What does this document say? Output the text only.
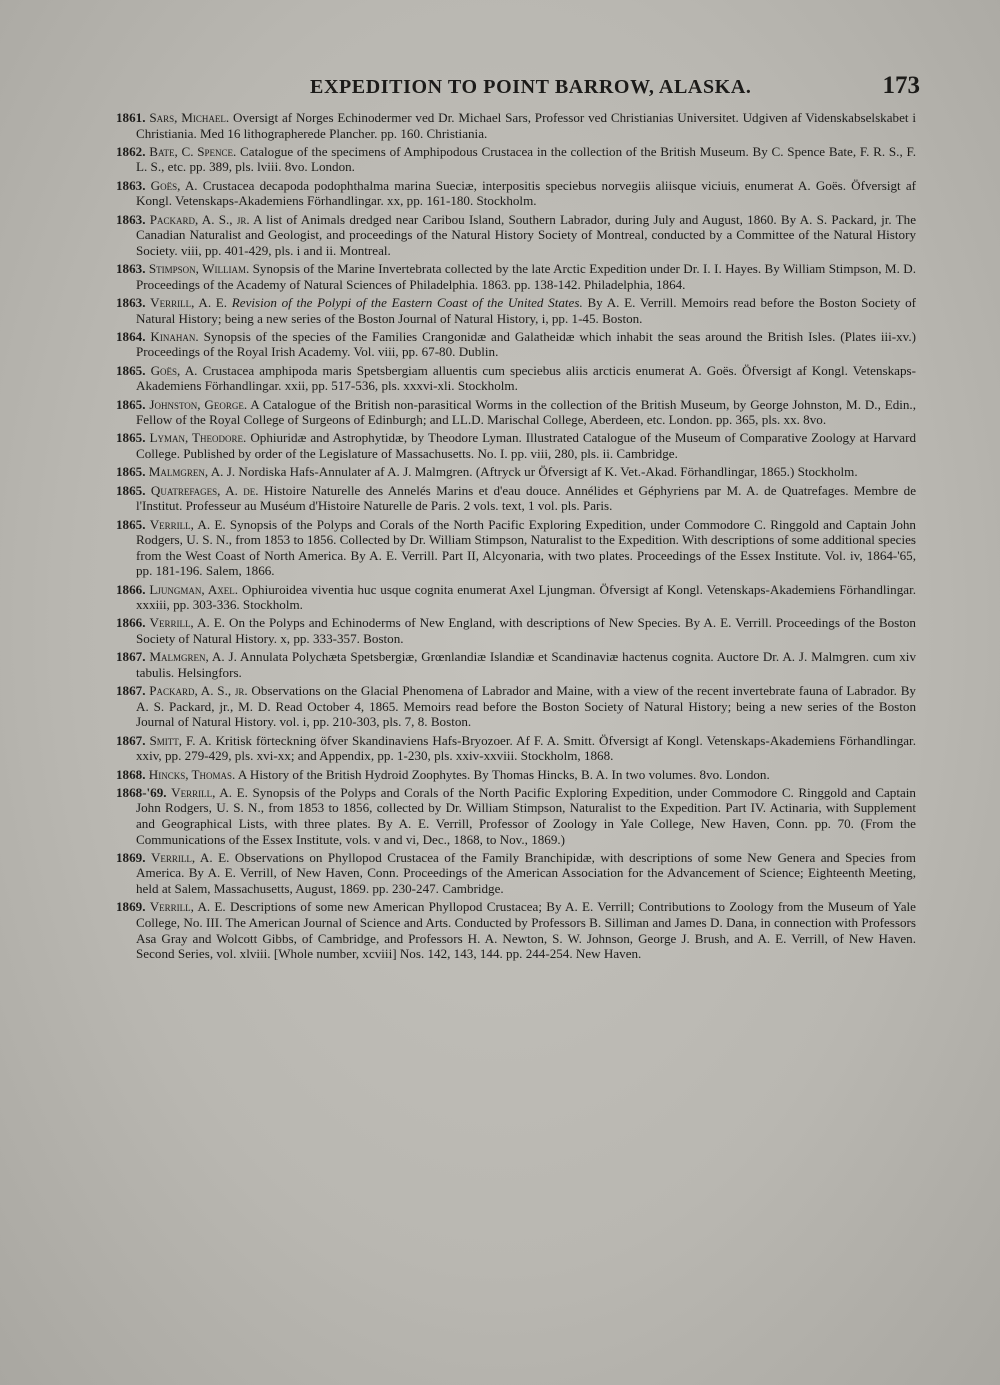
EXPEDITION TO POINT BARROW, ALASKA.	173

1861. Sars, Michael. Oversigt af Norges Echinodermer ved Dr. Michael Sars, Professor ved Christianias Universitet. Udgiven af Videnskabselskabet i Christiania. Med 16 lithographerede Plancher. pp. 160. Christiania.

1862. Bate, C. Spence. Catalogue of the specimens of Amphipodous Crustacea in the collection of the British Museum. By C. Spence Bate, F. R. S., F. L. S., etc. pp. 389, pls. lviii. 8vo. London.

1863. Goës, A. Crustacea decapoda podophthalma marina Sueciæ, interpositis speciebus norvegiis aliisque viciuis, enumerat A. Goës. Öfversigt af Kongl. Vetenskaps-Akademiens Förhandlingar. xx, pp. 161-180. Stockholm.

1863. Packard, A. S., jr. A list of Animals dredged near Caribou Island, Southern Labrador, during July and August, 1860. By A. S. Packard, jr. The Canadian Naturalist and Geologist, and proceedings of the Natural History Society of Montreal, conducted by a Committee of the Natural History Society. viii, pp. 401-429, pls. i and ii. Montreal.

1863. Stimpson, William. Synopsis of the Marine Invertebrata collected by the late Arctic Expedition under Dr. I. I. Hayes. By William Stimpson, M. D. Proceedings of the Academy of Natural Sciences of Philadelphia. 1863. pp. 138-142. Philadelphia, 1864.

1863. Verrill, A. E. Revision of the Polypi of the Eastern Coast of the United States. By A. E. Verrill. Memoirs read before the Boston Society of Natural History; being a new series of the Boston Journal of Natural History, i, pp. 1-45. Boston.

1864. Kinahan. Synopsis of the species of the Families Crangonidæ and Galatheidæ which inhabit the seas around the British Isles. (Plates iii-xv.) Proceedings of the Royal Irish Academy. Vol. viii, pp. 67-80. Dublin.

1865. Goës, A. Crustacea amphipoda maris Spetsbergiam alluentis cum speciebus aliis arcticis enumerat A. Goës. Öfversigt af Kongl. Vetenskaps-Akademiens Förhandlingar. xxii, pp. 517-536, pls. xxxvi-xli. Stockholm.

1865. Johnston, George. A Catalogue of the British non-parasitical Worms in the collection of the British Museum, by George Johnston, M. D., Edin., Fellow of the Royal College of Surgeons of Edinburgh; and LL.D. Marischal College, Aberdeen, etc. London. pp. 365, pls. xx. 8vo.

1865. Lyman, Theodore. Ophiuridæ and Astrophytidæ, by Theodore Lyman. Illustrated Catalogue of the Museum of Comparative Zoology at Harvard College. Published by order of the Legislature of Massachusetts. No. I. pp. viii, 280, pls. ii. Cambridge.

1865. Malmgren, A. J. Nordiska Hafs-Annulater af A. J. Malmgren. (Aftryck ur Öfversigt af K. Vet.-Akad. Förhandlingar, 1865.) Stockholm.

1865. Quatrefages, A. de. Histoire Naturelle des Annelés Marins et d'eau douce. Annélides et Géphyriens par M. A. de Quatrefages. Membre de l'Institut. Professeur au Muséum d'Histoire Naturelle de Paris. 2 vols. text, 1 vol. pls. Paris.

1865. Verrill, A. E. Synopsis of the Polyps and Corals of the North Pacific Exploring Expedition, under Commodore C. Ringgold and Captain John Rodgers, U. S. N., from 1853 to 1856. Collected by Dr. William Stimpson, Naturalist to the Expedition. With descriptions of some additional species from the West Coast of North America. By A. E. Verrill. Part II, Alcyonaria, with two plates. Proceedings of the Essex Institute. Vol. iv, 1864-'65, pp. 181-196. Salem, 1866.

1866. Ljungman, Axel. Ophiuroidea viventia huc usque cognita enumerat Axel Ljungman. Öfversigt af Kongl. Vetenskaps-Akademiens Förhandlingar. xxxiii, pp. 303-336. Stockholm.

1866. Verrill, A. E. On the Polyps and Echinoderms of New England, with descriptions of New Species. By A. E. Verrill. Proceedings of the Boston Society of Natural History. x, pp. 333-357. Boston.

1867. Malmgren, A. J. Annulata Polychæta Spetsbergiæ, Grœnlandiæ Islandiæ et Scandinaviæ hactenus cognita. Auctore Dr. A. J. Malmgren. cum xiv tabulis. Helsingfors.

1867. Packard, A. S., jr. Observations on the Glacial Phenomena of Labrador and Maine, with a view of the recent invertebrate fauna of Labrador. By A. S. Packard, jr., M. D. Read October 4, 1865. Memoirs read before the Boston Society of Natural History; being a new series of the Boston Journal of Natural History. vol. i, pp. 210-303, pls. 7, 8. Boston.

1867. Smitt, F. A. Kritisk förteckning öfver Skandinaviens Hafs-Bryozoer. Af F. A. Smitt. Öfversigt af Kongl. Vetenskaps-Akademiens Förhandlingar. xxiv, pp. 279-429, pls. xvi-xx; and Appendix, pp. 1-230, pls. xxiv-xxviii. Stockholm, 1868.

1868. Hincks, Thomas. A History of the British Hydroid Zoophytes. By Thomas Hincks, B. A. In two volumes. 8vo. London.

1868-'69. Verrill, A. E. Synopsis of the Polyps and Corals of the North Pacific Exploring Expedition, under Commodore C. Ringgold and Captain John Rodgers, U. S. N., from 1853 to 1856, collected by Dr. William Stimpson, Naturalist to the Expedition. Part IV. Actinaria, with Supplement and Geographical Lists, with three plates. By A. E. Verrill, Professor of Zoology in Yale College, New Haven, Conn. pp. 70. (From the Communications of the Essex Institute, vols. v and vi, Dec., 1868, to Nov., 1869.)

1869. Verrill, A. E. Observations on Phyllopod Crustacea of the Family Branchipidæ, with descriptions of some New Genera and Species from America. By A. E. Verrill, of New Haven, Conn. Proceedings of the American Association for the Advancement of Science; Eighteenth Meeting, held at Salem, Massachusetts, August, 1869. pp. 230-247. Cambridge.

1869. Verrill, A. E. Descriptions of some new American Phyllopod Crustacea; By A. E. Verrill; Contributions to Zoology from the Museum of Yale College, No. III. The American Journal of Science and Arts. Conducted by Professors B. Silliman and James D. Dana, in connection with Professors Asa Gray and Wolcott Gibbs, of Cambridge, and Professors H. A. Newton, S. W. Johnson, George J. Brush, and A. E. Verrill, of New Haven. Second Series, vol. xlviii. [Whole number, xcviii] Nos. 142, 143, 144. pp. 244-254. New Haven.
